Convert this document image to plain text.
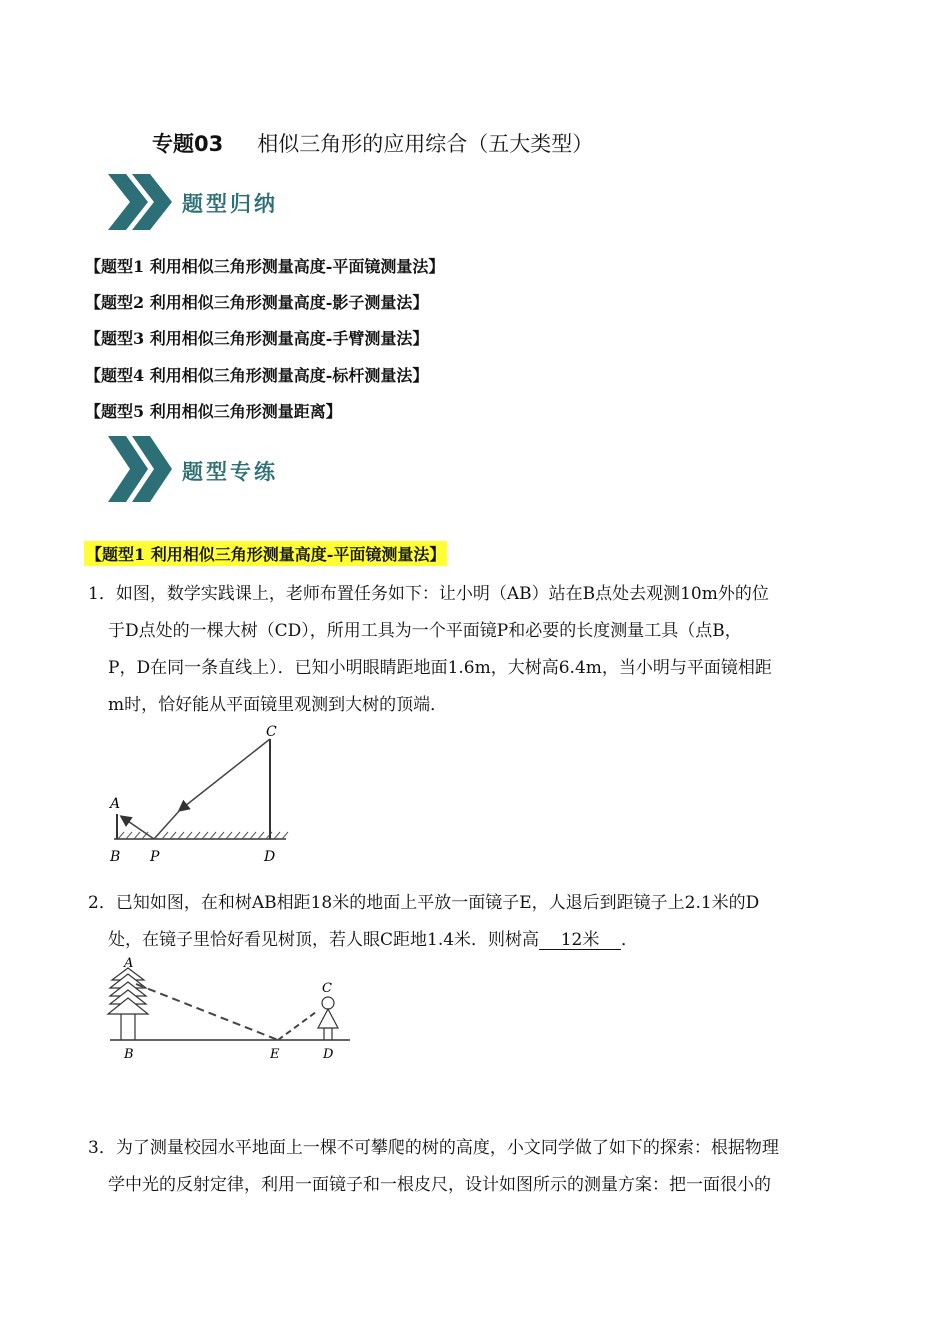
专题03 相似三角形的应用综合（五大类型）
题型归纳
【题型1 利用相似三角形测量高度-平面镜测量法】
【题型2 利用相似三角形测量高度-影子测量法】
【题型3 利用相似三角形测量高度-手臂测量法】
【题型4 利用相似三角形测量高度-标杆测量法】
【题型5 利用相似三角形测量距离】
题型专练
【题型1 利用相似三角形测量高度-平面镜测量法】
1．如图，数学实践课上，老师布置任务如下：让小明（AB）站在B点处去观测10m外的位
于D点处的一棵大树（CD），所用工具为一个平面镜P和必要的长度测量工具（点B，
P，D在同一条直线上）．已知小明眼睛距地面1.6m，大树高6.4m，当小明与平面镜相距
m时，恰好能从平面镜里观测到大树的顶端．
A
B P
C
D
2．已知如图，在和树AB相距18米的地面上平放一面镜子E，人退后到距镜子上2.1米的D
处，在镜子里恰好看见树顶，若人眼C距地1.4米．则树高 12米 ．
A
B	E
C
D
3．为了测量校园水平地面上一棵不可攀爬的树的高度，小文同学做了如下的探索：根据物理
学中光的反射定律，利用一面镜子和一根皮尺，设计如图所示的测量方案：把一面很小的
